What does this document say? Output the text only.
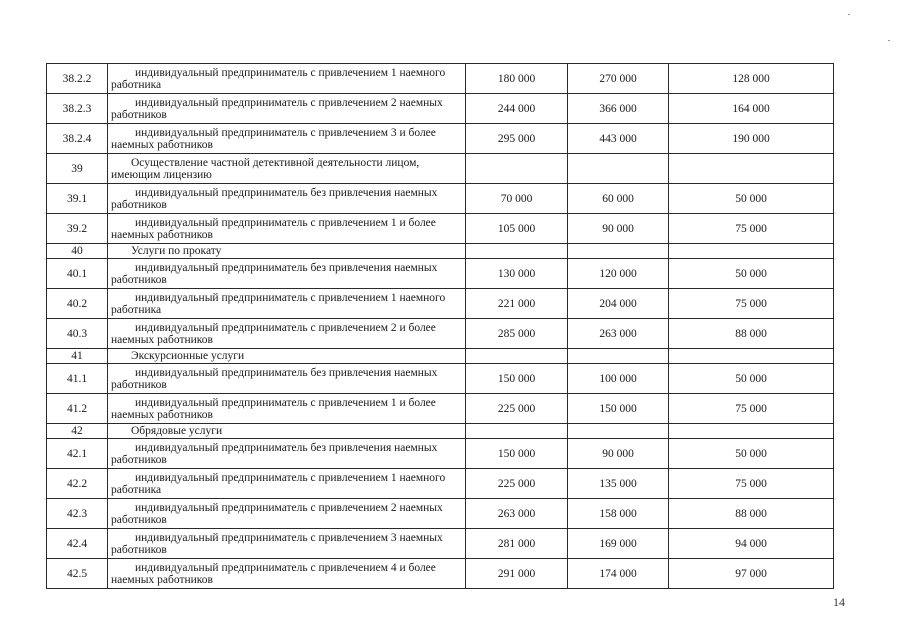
38.2.2	индивидуальный предприниматель с привлечением 1 наемного работника	180 000	270 000	128 000
38.2.3	индивидуальный предприниматель с привлечением 2 наемных работников	244 000	366 000	164 000
38.2.4	индивидуальный предприниматель с привлечением 3 и более наемных работников	295 000	443 000	190 000
39	Осуществление частной детективной деятельности лицом, имеющим лицензию			

39.1	индивидуальный предприниматель без привлечения наемных работников	70 000	60 000	50 000
39.2	индивидуальный предприниматель с привлечением 1 и более наемных работников	105 000	90 000	75 000
40	Услуги по прокату			

40.1	индивидуальный предприниматель без привлечения наемных работников	130 000	120 000	50 000
40.2	индивидуальный предприниматель с привлечением 1 наемного работника	221 000	204 000	75 000
40.3	индивидуальный предприниматель с привлечением 2 и более наемных работников	285 000	263 000	88 000
41	Экскурсионные услуги			

41.1	индивидуальный предприниматель без привлечения наемных работников	150 000	100 000	50 000
41.2	индивидуальный предприниматель с привлечением 1 и более наемных работников	225 000	150 000	75 000
42	Обрядовые услуги			

42.1	индивидуальный предприниматель без привлечения наемных работников	150 000	90 000	50 000
42.2	индивидуальный предприниматель с привлечением 1 наемного работника	225 000	135 000	75 000
42.3	индивидуальный предприниматель с привлечением 2 наемных работников	263 000	158 000	88 000
42.4	индивидуальный предприниматель с привлечением 3 наемных работников	281 000	169 000	94 000
42.5	индивидуальный предприниматель с привлечением 4 и более наемных работников	291 000	174 000	97 000
14
